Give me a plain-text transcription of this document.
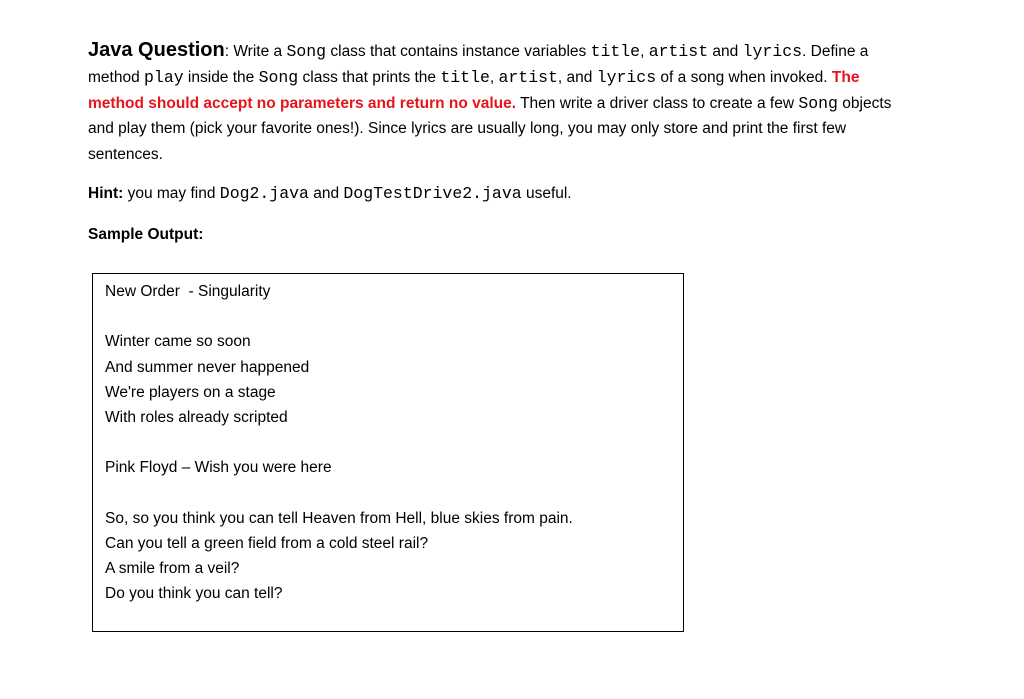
Java Question: Write a Song class that contains instance variables title, artist and lyrics. Define a method play inside the Song class that prints the title, artist, and lyrics of a song when invoked. The method should accept no parameters and return no value. Then write a driver class to create a few Song objects and play them (pick your favorite ones!). Since lyrics are usually long, you may only store and print the first few sentences.
Hint: you may find Dog2.java and DogTestDrive2.java useful.
Sample Output:
New Order  - Singularity
Winter came so soon
And summer never happened
We're players on a stage
With roles already scripted
Pink Floyd – Wish you were here
So, so you think you can tell Heaven from Hell, blue skies from pain.
Can you tell a green field from a cold steel rail?
A smile from a veil?
Do you think you can tell?
